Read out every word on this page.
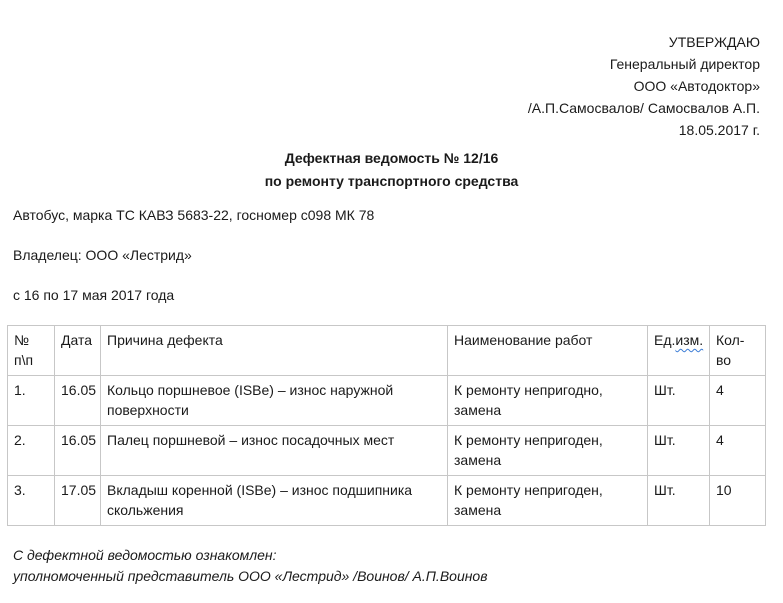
УТВЕРЖДАЮ
Генеральный директор
ООО «Автодоктор»
/А.П.Самосвалов/ Самосвалов А.П.
18.05.2017 г.
Дефектная ведомость № 12/16
по ремонту транспортного средства
Автобус, марка ТС КАВЗ 5683-22, госномер с098 МК 78
Владелец: ООО «Лестрид»
с 16 по 17 мая 2017 года
№ п\п	Дата	Причина дефекта	Наименование работ	Ед.изм.	Кол-во
1.	16.05	Кольцо поршневое (ISBe) – износ наружной поверхности	К ремонту непригодно, замена	Шт.	4
2.	16.05	Палец поршневой – износ посадочных мест	К ремонту непригоден, замена	Шт.	4
3.	17.05	Вкладыш коренной (ISBe) – износ подшипника скольжения	К ремонту непригоден, замена	Шт.	10
С дефектной ведомостью ознакомлен:
уполномоченный представитель ООО «Лестрид» /Воинов/ А.П.Воинов
